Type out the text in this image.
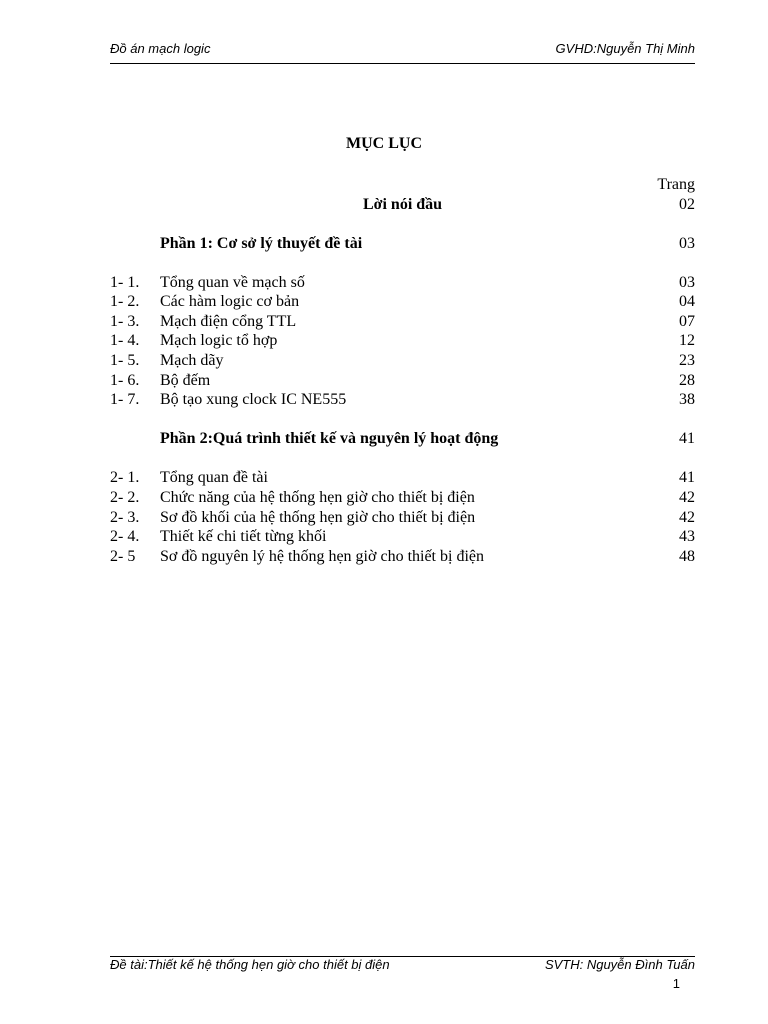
Đồ án mạch logic	GVHD:Nguyễn Thị Minh
MỤC LỤC
Trang
Lời nói đầu	02
Phần 1: Cơ sở lý thuyết đề tài	03
1- 1. Tổng quan về mạch số	03
1- 2. Các hàm logic cơ bản	04
1- 3. Mạch điện cổng TTL	07
1- 4. Mạch logic tổ hợp	12
1- 5. Mạch dãy	23
1- 6. Bộ đếm	28
1- 7. Bộ tạo xung clock IC NE555	38
Phần 2:Quá trình thiết kế và nguyên lý hoạt động	41
2- 1. Tổng quan đề tài	41
2- 2. Chức năng của hệ thống hẹn giờ cho thiết bị điện	42
2- 3. Sơ đồ khối của hệ thống hẹn giờ cho thiết bị điện	42
2- 4. Thiết kế chi tiết từng khối	43
2- 5 Sơ đồ nguyên lý hệ thống hẹn giờ cho thiết bị điện	48
Đề tài:Thiết kế hệ thống hẹn giờ cho thiết bị điện	SVTH: Nguyễn Đình Tuấn
1
